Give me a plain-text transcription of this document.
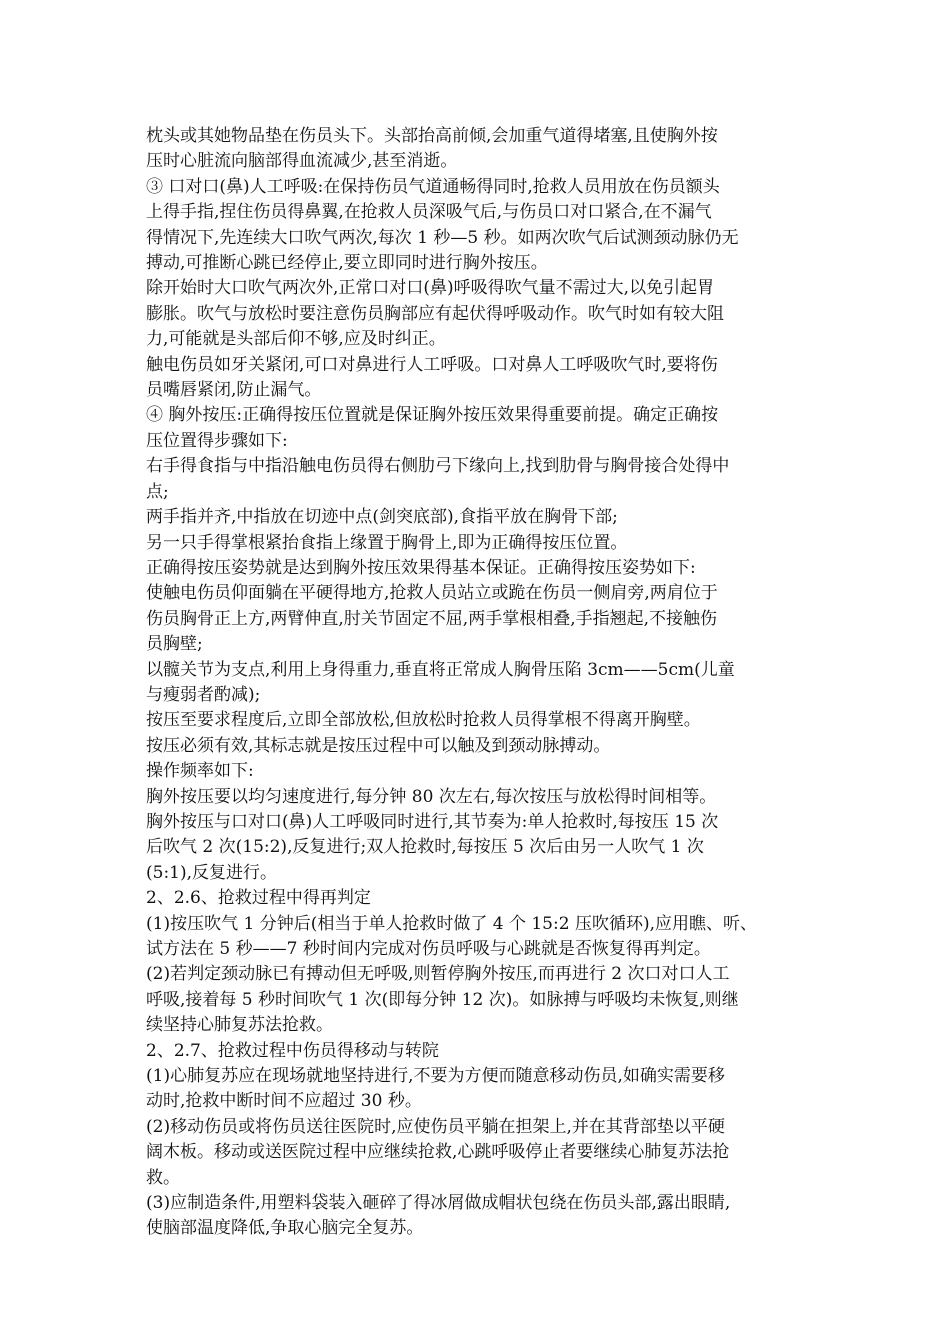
枕头或其她物品垫在伤员头下。头部抬高前倾,会加重气道得堵塞,且使胸外按

压时心脏流向脑部得血流减少,甚至消逝。

③ 口对口(鼻)人工呼吸:在保持伤员气道通畅得同时,抢救人员用放在伤员额头

上得手指,捏住伤员得鼻翼,在抢救人员深吸气后,与伤员口对口紧合,在不漏气

得情况下,先连续大口吹气两次,每次 1 秒—5 秒。如两次吹气后试测颈动脉仍无

搏动,可推断心跳已经停止,要立即同时进行胸外按压。

除开始时大口吹气两次外,正常口对口(鼻)呼吸得吹气量不需过大,以免引起胃

膨胀。吹气与放松时要注意伤员胸部应有起伏得呼吸动作。吹气时如有较大阻

力,可能就是头部后仰不够,应及时纠正。

触电伤员如牙关紧闭,可口对鼻进行人工呼吸。口对鼻人工呼吸吹气时,要将伤

员嘴唇紧闭,防止漏气。

④ 胸外按压:正确得按压位置就是保证胸外按压效果得重要前提。确定正确按

压位置得步骤如下:

右手得食指与中指沿触电伤员得右侧肋弓下缘向上,找到肋骨与胸骨接合处得中

点;

两手指并齐,中指放在切迹中点(剑突底部),食指平放在胸骨下部;

另一只手得掌根紧抬食指上缘置于胸骨上,即为正确得按压位置。

正确得按压姿势就是达到胸外按压效果得基本保证。正确得按压姿势如下:

使触电伤员仰面躺在平硬得地方,抢救人员站立或跪在伤员一侧肩旁,两肩位于

伤员胸骨正上方,两臂伸直,肘关节固定不屈,两手掌根相叠,手指翘起,不接触伤

员胸壁;

以髋关节为支点,利用上身得重力,垂直将正常成人胸骨压陷 3cm——5cm(儿童

与瘦弱者酌减);

按压至要求程度后,立即全部放松,但放松时抢救人员得掌根不得离开胸壁。

按压必须有效,其标志就是按压过程中可以触及到颈动脉搏动。

操作频率如下:

胸外按压要以均匀速度进行,每分钟 80 次左右,每次按压与放松得时间相等。

胸外按压与口对口(鼻)人工呼吸同时进行,其节奏为:单人抢救时,每按压 15 次

后吹气 2 次(15:2),反复进行;双人抢救时,每按压 5 次后由另一人吹气 1 次

(5:1),反复进行。

2、2.6、抢救过程中得再判定

(1)按压吹气 1 分钟后(相当于单人抢救时做了 4 个 15:2 压吹循环),应用瞧、听、

试方法在 5 秒——7 秒时间内完成对伤员呼吸与心跳就是否恢复得再判定。

(2)若判定颈动脉已有搏动但无呼吸,则暂停胸外按压,而再进行 2 次口对口人工

呼吸,接着每 5 秒时间吹气 1 次(即每分钟 12 次)。如脉搏与呼吸均未恢复,则继

续坚持心肺复苏法抢救。

2、2.7、抢救过程中伤员得移动与转院

(1)心肺复苏应在现场就地坚持进行,不要为方便而随意移动伤员,如确实需要移

动时,抢救中断时间不应超过 30 秒。

(2)移动伤员或将伤员送往医院时,应使伤员平躺在担架上,并在其背部垫以平硬

阔木板。移动或送医院过程中应继续抢救,心跳呼吸停止者要继续心肺复苏法抢

救。

(3)应制造条件,用塑料袋装入砸碎了得冰屑做成帽状包绕在伤员头部,露出眼睛,

使脑部温度降低,争取心脑完全复苏。
